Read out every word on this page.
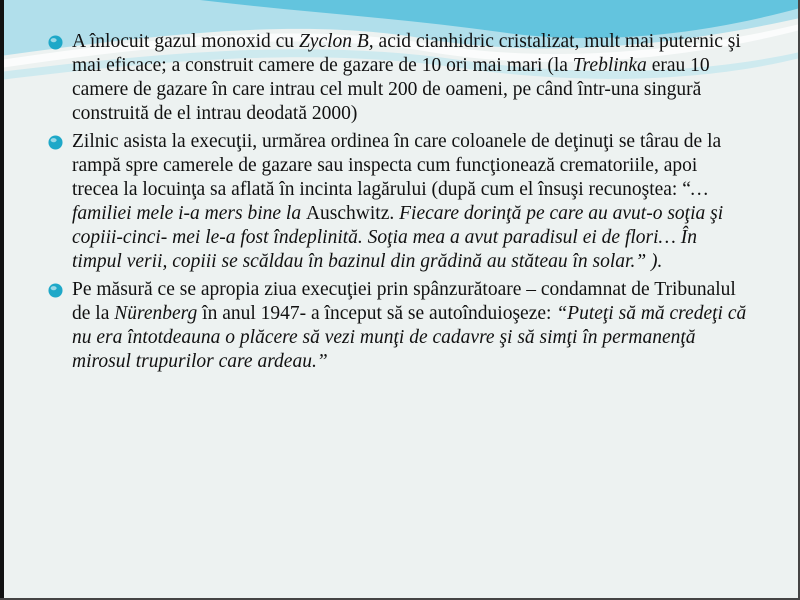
A înlocuit gazul monoxid cu Zyclon B, acid cianhidric cristalizat, mult mai puternic şi mai eficace; a construit camere de gazare de 10 ori mai mari (la Treblinka erau 10 camere de gazare în care intrau cel mult 200 de oameni, pe când într-una singură construită de el intrau deodată 2000)
Zilnic asista la execuţii, urmărea ordinea în care coloanele de deţinuţi se târau de la rampă spre camerele de gazare sau inspecta cum funcţionează crematoriile, apoi trecea la locuinţa sa aflată în incinta lagărului (după cum el însuşi recunoştea: “… familiei mele i-a mers bine la Auschwitz. Fiecare dorinţă pe care au avut-o soţia şi copiii-cinci- mei le-a fost îndeplinită. Soţia mea a avut paradisul ei de flori… În timpul verii, copiii se scăldau în bazinul din grădină au stăteau în solar.” ).
Pe măsură ce se apropia ziua execuţiei prin spânzurătoare – condamnat de Tribunalul de la Nürenberg în anul 1947- a început să se autoînduioşeze: “Puteţi să mă credeţi că nu era întotdeauna o plăcere să vezi munţi de cadavre şi să simţi în permanenţă mirosul trupurilor care ardeau.”
